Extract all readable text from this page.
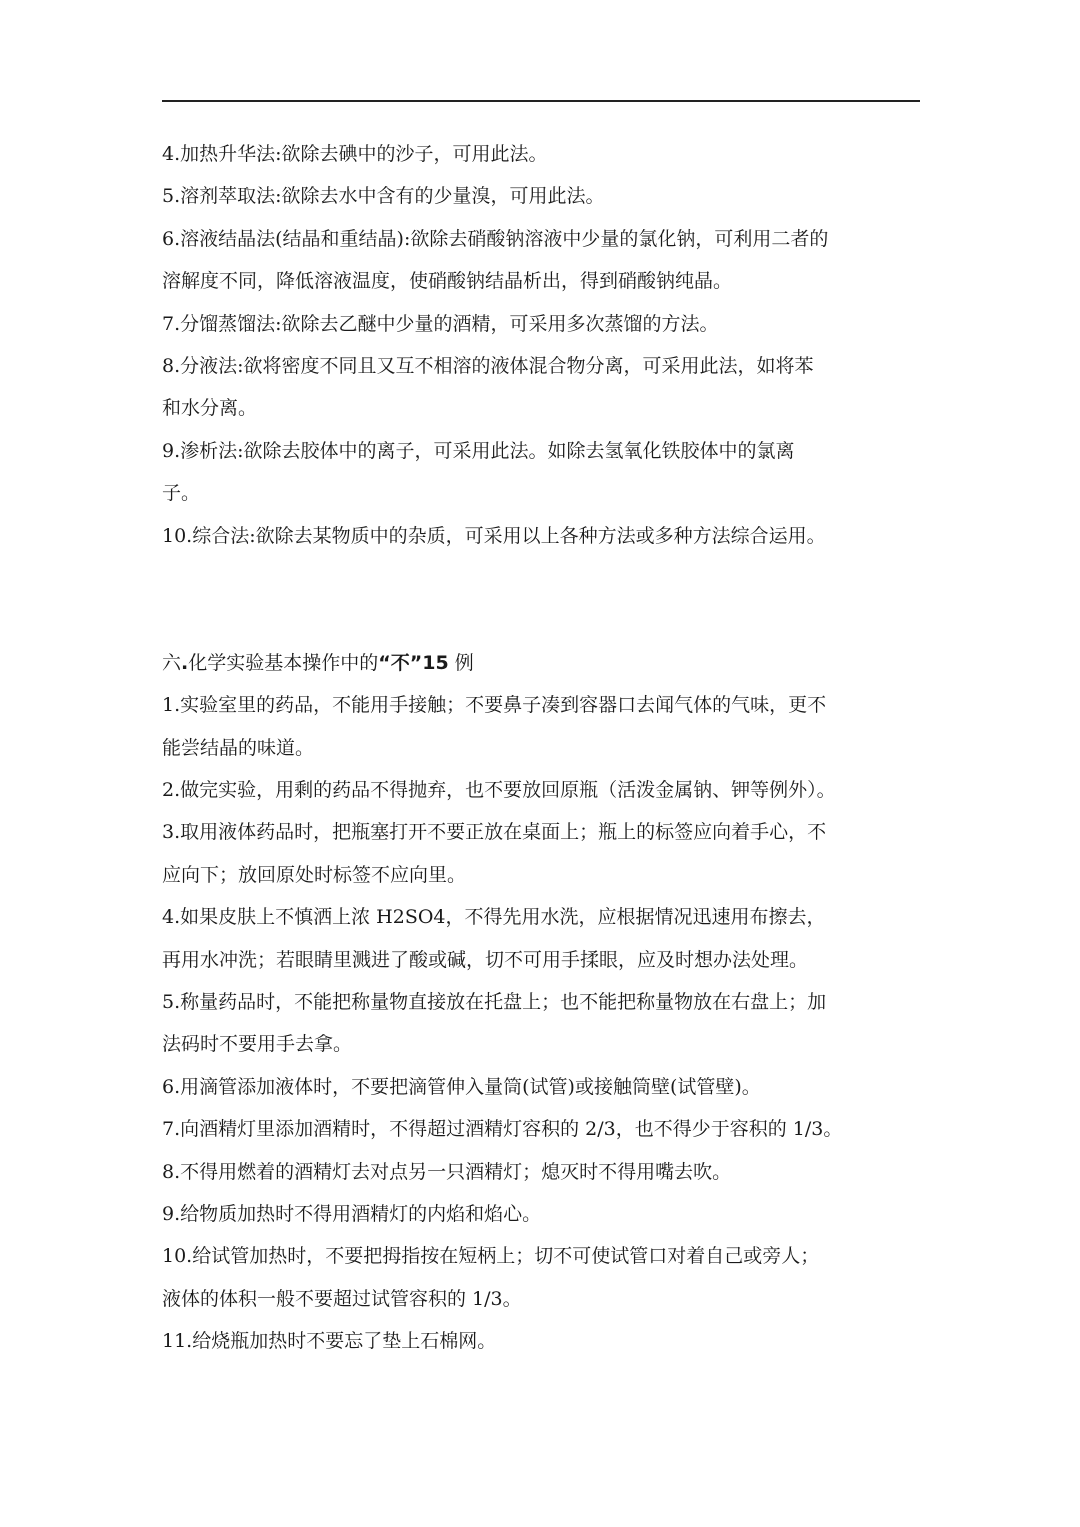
4.加热升华法:欲除去碘中的沙子，可用此法。
5.溶剂萃取法:欲除去水中含有的少量溴，可用此法。
6.溶液结晶法(结晶和重结晶):欲除去硝酸钠溶液中少量的氯化钠，可利用二者的
溶解度不同，降低溶液温度，使硝酸钠结晶析出，得到硝酸钠纯晶。
7.分馏蒸馏法:欲除去乙醚中少量的酒精，可采用多次蒸馏的方法。
8.分液法:欲将密度不同且又互不相溶的液体混合物分离，可采用此法，如将苯
和水分离。
9.渗析法:欲除去胶体中的离子，可采用此法。如除去氢氧化铁胶体中的氯离
子。
10.综合法:欲除去某物质中的杂质，可采用以上各种方法或多种方法综合运用。
六.化学实验基本操作中的“不”15 例
1.实验室里的药品，不能用手接触；不要鼻子凑到容器口去闻气体的气味，更不
能尝结晶的味道。
2.做完实验，用剩的药品不得抛弃，也不要放回原瓶（活泼金属钠、钾等例外）。
3.取用液体药品时，把瓶塞打开不要正放在桌面上；瓶上的标签应向着手心，不
应向下；放回原处时标签不应向里。
4.如果皮肤上不慎洒上浓 H2SO4，不得先用水洗，应根据情况迅速用布擦去，
再用水冲洗；若眼睛里溅进了酸或碱，切不可用手揉眼，应及时想办法处理。
5.称量药品时，不能把称量物直接放在托盘上；也不能把称量物放在右盘上；加
法码时不要用手去拿。
6.用滴管添加液体时，不要把滴管伸入量筒(试管)或接触筒壁(试管壁)。
7.向酒精灯里添加酒精时，不得超过酒精灯容积的 2/3，也不得少于容积的 1/3。
8.不得用燃着的酒精灯去对点另一只酒精灯；熄灭时不得用嘴去吹。
9.给物质加热时不得用酒精灯的内焰和焰心。
10.给试管加热时，不要把拇指按在短柄上；切不可使试管口对着自己或旁人；
液体的体积一般不要超过试管容积的 1/3。
11.给烧瓶加热时不要忘了垫上石棉网。
